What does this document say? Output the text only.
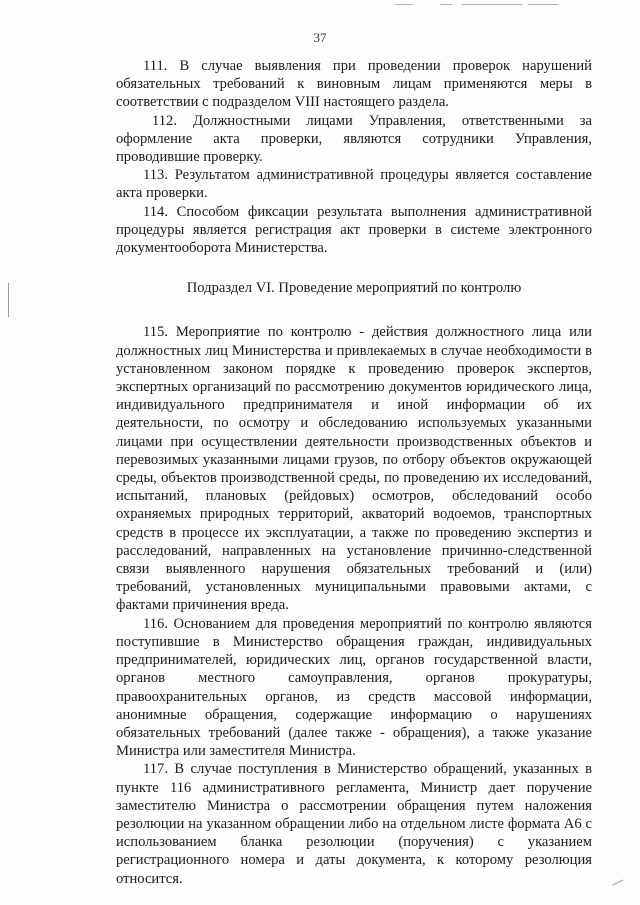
37

111. В случае выявления при проведении проверок нарушений обязательных требований к виновным лицам применяются меры в соответствии с подразделом VIII настоящего раздела.

112. Должностными лицами Управления, ответственными за оформление акта проверки, являются сотрудники Управления, проводившие проверку.

113. Результатом административной процедуры является составление акта проверки.

114. Способом фиксации результата выполнения административной процедуры является регистрация акт проверки в системе электронного документооборота Министерства.

Подраздел VI. Проведение мероприятий по контролю

115. Мероприятие по контролю - действия должностного лица или должностных лиц Министерства и привлекаемых в случае необходимости в установленном законом порядке к проведению проверок экспертов, экспертных организаций по рассмотрению документов юридического лица, индивидуального предпринимателя и иной информации об их деятельности, по осмотру и обследованию используемых указанными лицами при осуществлении деятельности производственных объектов и перевозимых указанными лицами грузов, по отбору объектов окружающей среды, объектов производственной среды, по проведению их исследований, испытаний, плановых (рейдовых) осмотров, обследований особо охраняемых природных территорий, акваторий водоемов, транспортных средств в процессе их эксплуатации, а также по проведению экспертиз и расследований, направленных на установление причинно-следственной связи выявленного нарушения обязательных требований и (или) требований, установленных муниципальными правовыми актами, с фактами причинения вреда.

116. Основанием для проведения мероприятий по контролю являются поступившие в Министерство обращения граждан, индивидуальных предпринимателей, юридических лиц, органов государственной власти, органов местного самоуправления, органов прокуратуры, правоохранительных органов, из средств массовой информации, анонимные обращения, содержащие информацию о нарушениях обязательных требований (далее также - обращения), а также указание Министра или заместителя Министра.

117. В случае поступления в Министерство обращений, указанных в пункте 116 административного регламента, Министр дает поручение заместителю Министра о рассмотрении обращения путем наложения резолюции на указанном обращении либо на отдельном листе формата А6 с использованием бланка резолюции (поручения) с указанием регистрационного номера и даты документа, к которому резолюция относится.
